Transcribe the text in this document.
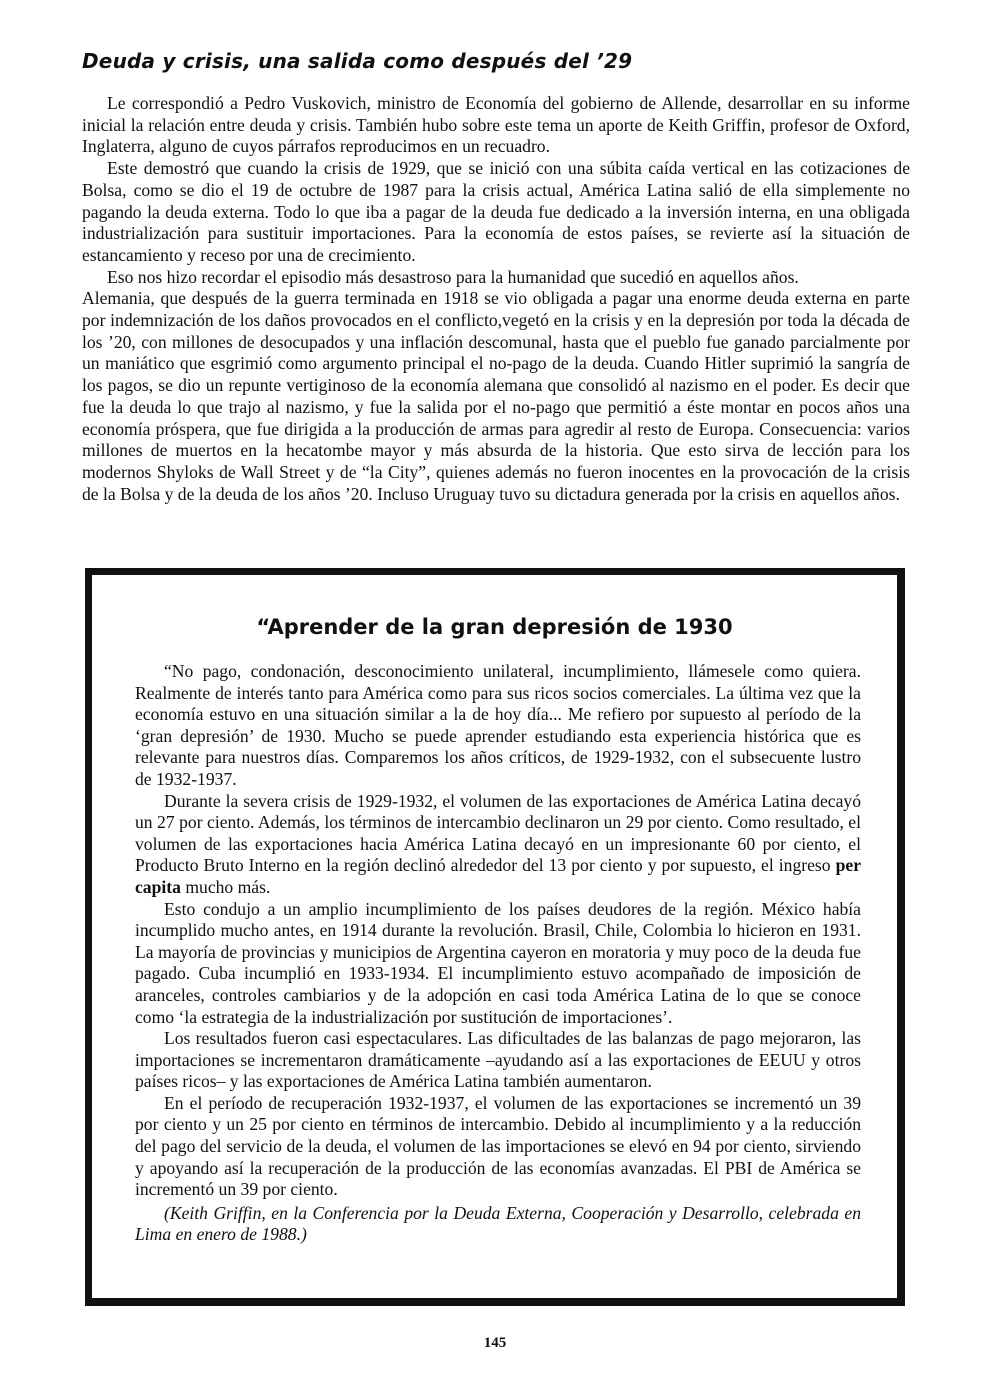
Deuda y crisis, una salida como después del ’29

Le correspondió a Pedro Vuskovich, ministro de Economía del gobierno de Allende, desarrollar en su informe inicial la relación entre deuda y crisis. También hubo sobre este tema un aporte de Keith Griffin, profesor de Oxford, Inglaterra, alguno de cuyos párrafos reproducimos en un recuadro.

Este demostró que cuando la crisis de 1929, que se inició con una súbita caída vertical en las cotizaciones de Bolsa, como se dio el 19 de octubre de 1987 para la crisis actual, América Latina salió de ella simplemente no pagando la deuda externa. Todo lo que iba a pagar de la deuda fue dedicado a la inversión interna, en una obligada industrialización para sustituir importaciones. Para la economía de estos países, se revierte así la situación de estancamiento y receso por una de crecimiento.

Eso nos hizo recordar el episodio más desastroso para la humanidad que sucedió en aquellos años.

Alemania, que después de la guerra terminada en 1918 se vio obligada a pagar una enorme deuda externa en parte por indemnización de los daños provocados en el conflicto,vegetó en la crisis y en la depresión por toda la década de los ’20, con millones de desocupados y una inflación descomunal, hasta que el pueblo fue ganado parcialmente por un maniático que esgrimió como argumento principal el no-pago de la deuda. Cuando Hitler suprimió la sangría de los pagos, se dio un repunte vertiginoso de la economía alemana que consolidó al nazismo en el poder. Es decir que fue la deuda lo que trajo al nazismo, y fue la salida por el no-pago que permitió a éste montar en pocos años una economía próspera, que fue dirigida a la producción de armas para agredir al resto de Europa. Consecuencia: varios millones de muertos en la hecatombe mayor y más absurda de la historia. Que esto sirva de lección para los modernos Shyloks de Wall Street y de “la City”, quienes además no fueron inocentes en la provocación de la crisis de la Bolsa y de la deuda de los años ’20. Incluso Uruguay tuvo su dictadura generada por la crisis en aquellos años.

“Aprender de la gran depresión de 1930

“No pago, condonación, desconocimiento unilateral, incumplimiento, llámesele como quiera. Realmente de interés tanto para América como para sus ricos socios comerciales. La última vez que la economía estuvo en una situación similar a la de hoy día... Me refiero por supuesto al período de la ‘gran depresión’ de 1930. Mucho se puede aprender estudiando esta experiencia histórica que es relevante para nuestros días. Comparemos los años críticos, de 1929-1932, con el subsecuente lustro de 1932-1937.

Durante la severa crisis de 1929-1932, el volumen de las exportaciones de América Latina decayó un 27 por ciento. Además, los términos de intercambio declinaron un 29 por ciento. Como resultado, el volumen de las exportaciones hacia América Latina decayó en un impresionante 60 por ciento, el Producto Bruto Interno en la región declinó alrededor del 13 por ciento y por supuesto, el ingreso per capita mucho más.

Esto condujo a un amplio incumplimiento de los países deudores de la región. México había incumplido mucho antes, en 1914 durante la revolución. Brasil, Chile, Colombia lo hicieron en 1931. La mayoría de provincias y municipios de Argentina cayeron en moratoria y muy poco de la deuda fue pagado. Cuba incumplió en 1933-1934. El incumplimiento estuvo acompañado de imposición de aranceles, controles cambiarios y de la adopción en casi toda América Latina de lo que se conoce como ‘la estrategia de la industrialización por sustitución de importaciones’.

Los resultados fueron casi espectaculares. Las dificultades de las balanzas de pago mejoraron, las importaciones se incrementaron dramáticamente –ayudando así a las exportaciones de EEUU y otros países ricos– y las exportaciones de América Latina también aumentaron.

En el período de recuperación 1932-1937, el volumen de las exportaciones se incrementó un 39 por ciento y un 25 por ciento en términos de intercambio. Debido al incumplimiento y a la reducción del pago del servicio de la deuda, el volumen de las importaciones se elevó en 94 por ciento, sirviendo y apoyando así la recuperación de la producción de las economías avanzadas. El PBI de América se incrementó un 39 por ciento.

(Keith Griffin, en la Conferencia por la Deuda Externa, Cooperación y Desarrollo, celebrada en Lima en enero de 1988.)

145
